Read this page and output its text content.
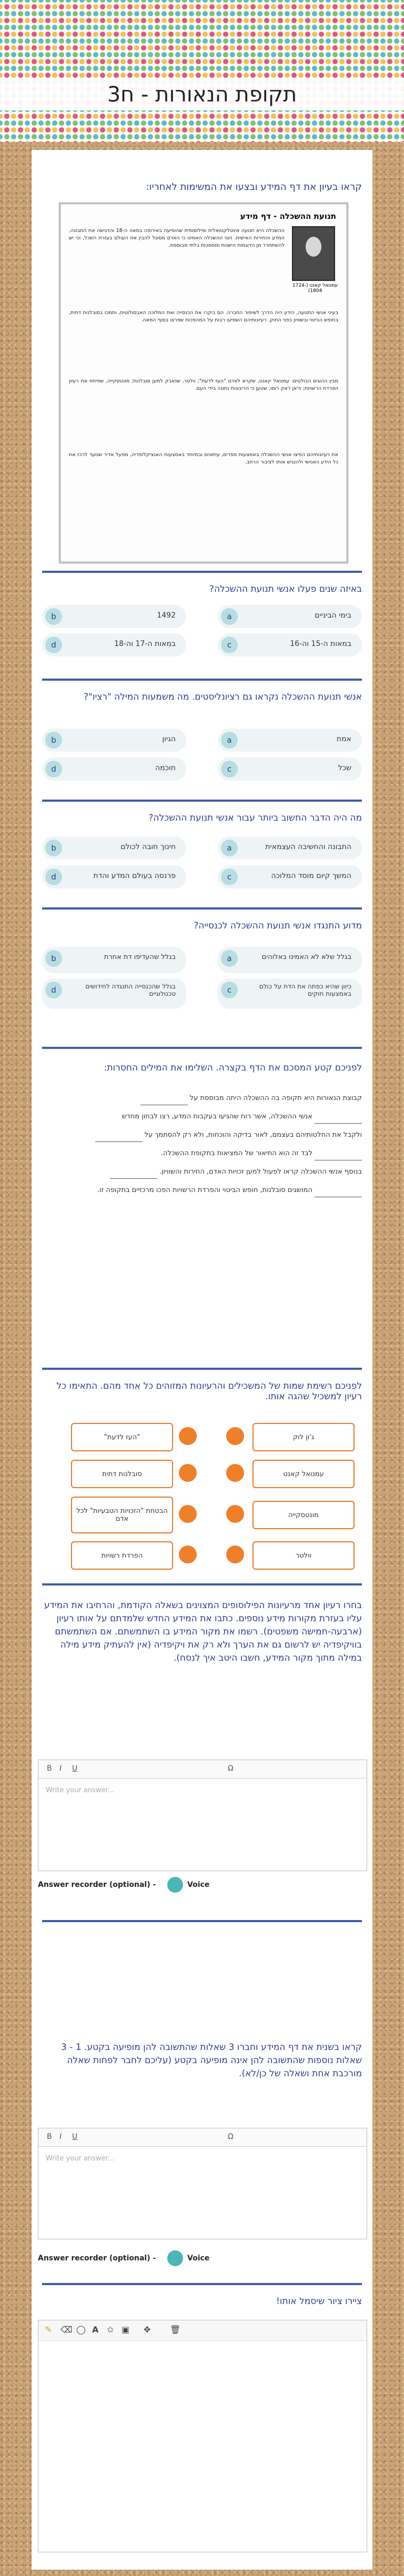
תקופת הנאורות - ח3
קראו בעיון את דף המידע ובצעו את המשימות לאחריו:
תנועת ההשכלה - דף מידע
עמנואל קאנט (1724-1804)
ההשכלה היא תנועה אינטלקטואלית ופילוסופית שהופיעה באירופה במאה ה-18 והדגישה את התבונה, המדע והחירות האישית. הוגי ההשכלה האמינו כי האדם מסוגל להבין את העולם בעזרת השכל, וכי יש להשתחרר מן הדוגמות הישנות ומסמכות בלתי מבוססת.
בעיני אנשי התנועה, הידע היה הדרך לשיפור החברה. הם ביקרו את הכנסייה ואת המלוכה האבסולוטית, ותמכו בסובלנות דתית, בחופש הביטוי ובשוויון בפני החוק. רעיונותיהם השפיעו רבות על המהפכות שפרצו בסוף המאה.
מבין ההוגים הבולטים: עמנואל קאנט, שקרא לאדם "העז לדעת"; וולטר, שנאבק למען סובלנות; מונטסקייה, שפיתח את רעיון הפרדת הרשויות; וז'אן ז'אק רוסו, שטען כי הריבונות נתונה בידי העם.
את רעיונותיהם הפיצו אנשי ההשכלה באמצעות ספרים, עיתונים ובמיוחד באמצעות האנציקלופדיה, מפעל אדיר שנועד לרכז את כל הידע האנושי ולהנגיש אותו לציבור הרחב.
באיזה שנים פעלו אנשי תנועת ההשכלה?
a	בימי הביניים
b	1492
c	במאות ה-15 וה-16
d	במאות ה-17 וה-18
אנשי תנועת ההשכלה נקראו גם רציונליסטים. מה משמעות המילה "רציו"?
a	אמת
b	הגיון
c	שכל
d	חוכמה
מה היה הדבר החשוב ביותר עבור אנשי תנועת ההשכלה?
a	התבונה והחשיבה העצמאית
b	חינוך חובה לכולם
c	המשך קיום מוסד המלוכה
d	פרנסה בעולם המדע והדת
מדוע התנגדו אנשי תנועת ההשכלה לכנסייה?
a	בגלל שלא לא האמינו באלוהים
b	בגלל שהעדיפו דת אחרת
c	כיוון שהיא כפתה את הדת על כולם באמצעות חוקים
d	בגלל שהכנסייה התנגדה לחידושים טכנולוגיים
לפניכם קטע המסכם את הדף בקצרה. השלימו את המילים החסרות:
קבוצת הנאורות היא תקופה בה ההשכלה היתה מבוססת על
אנשי ההשכלה, אשר רוח שהגיעו בעקבות המדע, רצו לבחון מחדש
ולקבל את החלטותיהם בעצמם, לאור בדיקה והוכחות, ולא רק להסתמך על
לבד זה הוא התיאור של המציאות בתקופת ההשכלה.
בנוסף אנשי ההשכלה קראו לפעול למען זכויות האדם, החירות והשוויון.
המושגים סובלנות, חופש הביטוי והפרדת הרשויות הפכו מרכזיים בתקופה זו.
לפניכם רשימת שמות של המשכילים והרעיונות המזוהים כל אחד מהם. התאימו כל רעיון למשכיל שהגה אותו.
"העז לדעת"	ג'ון לוק
סובלנות דתית	עמנואל קאנט
הבטחת "הזכויות הטבעיות" לכל אדם	מונטסקייה
הפרדת רשויות	וולטר
בחרו רעיון אחד מרעיונות הפילוסופים המצוינים בשאלה הקודמת, והרחיבו את המידע עליו בעזרת מקורות מידע נוספים. כתבו את המידע החדש שלמדתם על אותו רעיון (ארבעה-חמישה משפטים). רשמו את מקור המידע בו השתמשתם. אם השתמשתם בוויקיפדיה יש לרשום גם את הערך ולא רק את ויקיפדיה (אין להעתיק מידע מילה במילה מתוך מקור המידע, חשבו היטב איך לנסח).
B I U	Ω
Write your answer...
Answer recorder (optional) -	Voice
קראו בשנית את דף המידע וחברו 3 שאלות שהתשובה להן מופיעה בקטע. 1 - 3 שאלות נוספות שהתשובה להן אינה מופיעה בקטע (עליכם לחבר לפחות שאלה מורכבת אחת ושאלה של כן/לא).
B I U	Ω
Write your answer...
Answer recorder (optional) -	Voice
ציירו ציור שיסמל אותו!
✎ ⌫ ◯ A ✩ ▣ ✥ 🗑
